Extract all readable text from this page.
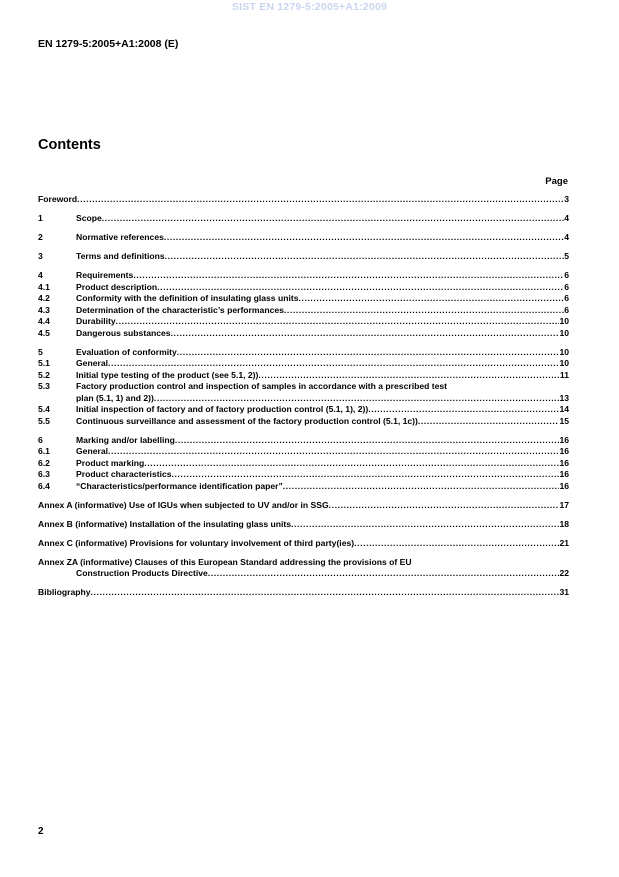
SIST EN 1279-5:2005+A1:2009
EN 1279-5:2005+A1:2008 (E)
Contents
Page
Foreword .....	3
1	Scope .....	4
2	Normative references .....	4
3	Terms and definitions .....	5
4	Requirements .....	6
4.1	Product description .....	6
4.2	Conformity with the definition of insulating glass units .....	6
4.3	Determination of the characteristic’s performances .....	6
4.4	Durability .....	10
4.5	Dangerous substances .....	10
5	Evaluation of conformity .....	10
5.1	General .....	10
5.2	Initial type testing of the product (see 5.1, 2)) .....	11
5.3	Factory production control and inspection of samples in accordance with a prescribed test
plan (5.1, 1) and 2)) .....	13
5.4	Initial inspection of factory and of factory production control (5.1, 1), 2)) .....	14
5.5	Continuous surveillance and assessment of the factory production control (5.1, 1c)) .....	15
6	Marking and/or labelling .....	16
6.1	General .....	16
6.2	Product marking .....	16
6.3	Product characteristics .....	16
6.4	“Characteristics/performance identification paper” .....	16
Annex A (informative) Use of IGUs when subjected to UV and/or in SSG .....	17
Annex B (informative) Installation of the insulating glass units .....	18
Annex C (informative) Provisions for voluntary involvement of third party(ies) .....	21
Annex ZA (informative) Clauses of this European Standard addressing the provisions of EU
Construction Products Directive .....	22
Bibliography .....	31
2
